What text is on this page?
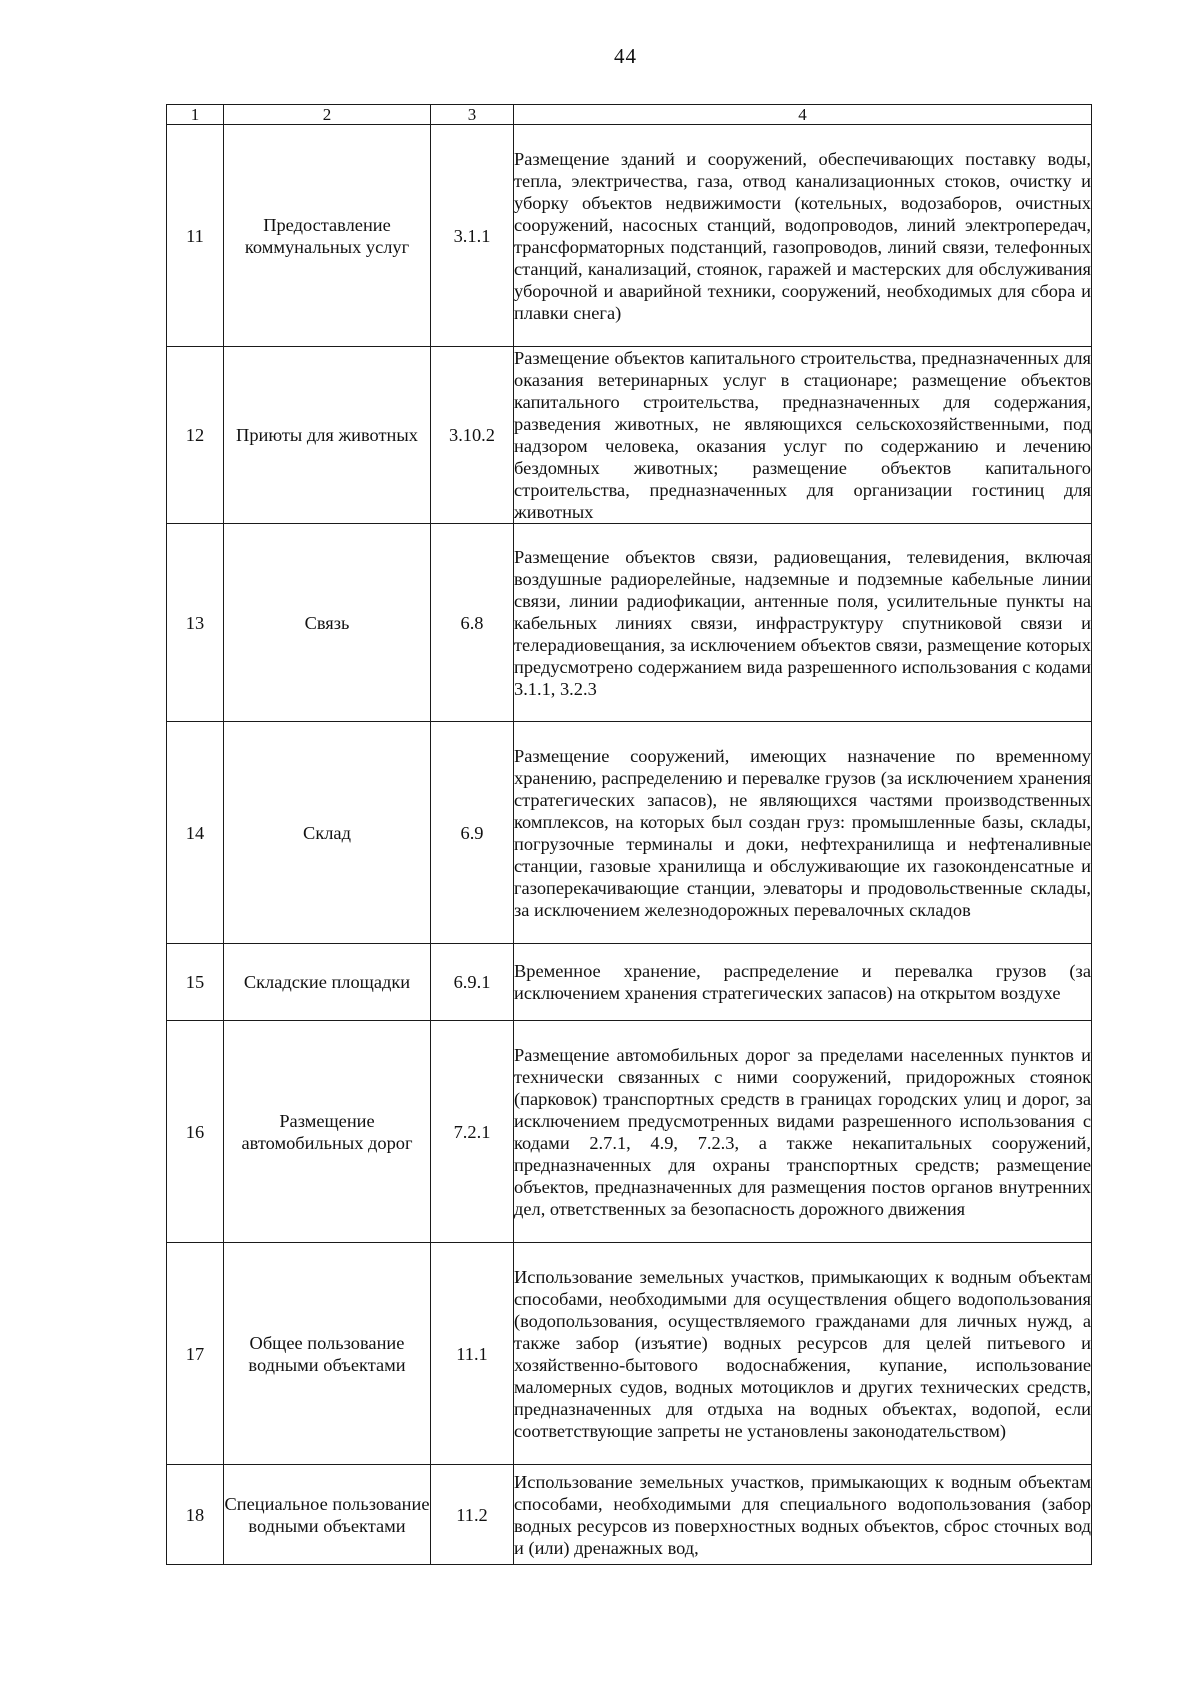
44
1	2	3	4
11	Предоставление коммунальных услуг	3.1.1	Размещение зданий и сооружений, обеспечивающих поставку воды, тепла, электричества, газа, отвод канализационных стоков, очистку и уборку объектов недвижимости (котельных, водозаборов, очистных сооружений, насосных станций, водопроводов, линий электропередач, трансформаторных подстанций, газопроводов, линий связи, телефонных станций, канализаций, стоянок, гаражей и мастерских для обслуживания уборочной и аварийной техники, сооружений, необходимых для сбора и плавки снега)
12	Приюты для животных	3.10.2	Размещение объектов капитального строительства, предназначенных для оказания ветеринарных услуг в стационаре; размещение объектов капитального строительства, предназначенных для содержания, разведения животных, не являющихся сельскохозяйственными, под надзором человека, оказания услуг по содержанию и лечению бездомных животных; размещение объектов капитального строительства, предназначенных для организации гостиниц для животных
13	Связь	6.8	Размещение объектов связи, радиовещания, телевидения, включая воздушные радиорелейные, надземные и подземные кабельные линии связи, линии радиофикации, антенные поля, усилительные пункты на кабельных линиях связи, инфраструктуру спутниковой связи и телерадиовещания, за исключением объектов связи, размещение которых предусмотрено содержанием вида разрешенного использования с кодами 3.1.1, 3.2.3
14	Склад	6.9	Размещение сооружений, имеющих назначение по временному хранению, распределению и перевалке грузов (за исключением хранения стратегических запасов), не являющихся частями производственных комплексов, на которых был создан груз: промышленные базы, склады, погрузочные терминалы и доки, нефтехранилища и нефтеналивные станции, газовые хранилища и обслуживающие их газоконденсатные и газоперекачивающие станции, элеваторы и продовольственные склады, за исключением железнодорожных перевалочных складов
15	Складские площадки	6.9.1	Временное хранение, распределение и перевалка грузов (за исключением хранения стратегических запасов) на открытом воздухе
16	Размещение автомобильных дорог	7.2.1	Размещение автомобильных дорог за пределами населенных пунктов и технически связанных с ними сооружений, придорожных стоянок (парковок) транспортных средств в границах городских улиц и дорог, за исключением предусмотренных видами разрешенного использования с кодами 2.7.1, 4.9, 7.2.3, а также некапитальных сооружений, предназначенных для охраны транспортных средств; размещение объектов, предназначенных для размещения постов органов внутренних дел, ответственных за безопасность дорожного движения
17	Общее пользование водными объектами	11.1	Использование земельных участков, примыкающих к водным объектам способами, необходимыми для осуществления общего водопользования (водопользования, осуществляемого гражданами для личных нужд, а также забор (изъятие) водных ресурсов для целей питьевого и хозяйственно-бытового водоснабжения, купание, использование маломерных судов, водных мотоциклов и других технических средств, предназначенных для отдыха на водных объектах, водопой, если соответствующие запреты не установлены законодательством)
18	Специальное пользование водными объектами	11.2	Использование земельных участков, примыкающих к водным объектам способами, необходимыми для специального водопользования (забор водных ресурсов из поверхностных водных объектов, сброс сточных вод и (или) дренажных вод,
